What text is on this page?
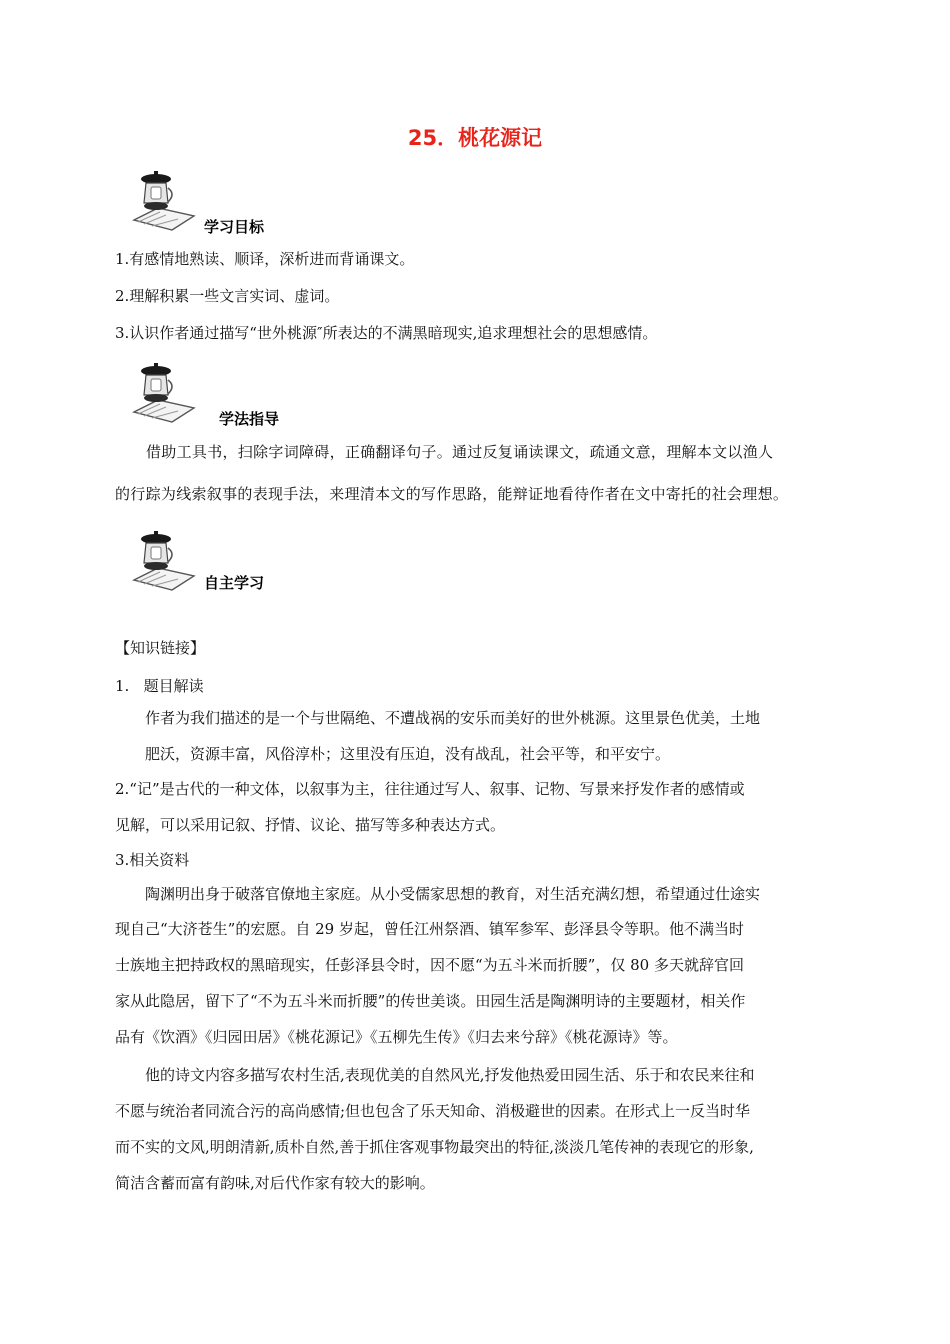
25．桃花源记
学习目标
1.有感情地熟读、顺译，深析进而背诵课文。
2.理解积累一些文言实词、虚词。
3.认识作者通过描写“世外桃源″所表达的不满黑暗现实,追求理想社会的思想感情。
学法指导
借助工具书，扫除字词障碍，正确翻译句子。通过反复诵读课文，疏通文意，理解本文以渔人
的行踪为线索叙事的表现手法，来理清本文的写作思路，能辩证地看待作者在文中寄托的社会理想。
自主学习
【知识链接】
1.   题目解读
作者为我们描述的是一个与世隔绝、不遭战祸的安乐而美好的世外桃源。这里景色优美，土地
肥沃，资源丰富，风俗淳朴；这里没有压迫，没有战乱，社会平等，和平安宁。
2.“记”是古代的一种文体，以叙事为主，往往通过写人、叙事、记物、写景来抒发作者的感情或
见解，可以采用记叙、抒情、议论、描写等多种表达方式。
3.相关资料
陶渊明出身于破落官僚地主家庭。从小受儒家思想的教育，对生活充满幻想，希望通过仕途实
现自己“大济苍生”的宏愿。自 29 岁起，曾任江州祭酒、镇军参军、彭泽县令等职。他不满当时
士族地主把持政权的黑暗现实，任彭泽县令时，因不愿“为五斗米而折腰”，仅 80 多天就辞官回
家从此隐居，留下了“不为五斗米而折腰”的传世美谈。田园生活是陶渊明诗的主要题材，相关作
品有《饮酒》《归园田居》《桃花源记》《五柳先生传》《归去来兮辞》《桃花源诗》等。
他的诗文内容多描写农村生活,表现优美的自然风光,抒发他热爱田园生活、乐于和农民来往和
不愿与统治者同流合污的高尚感情;但也包含了乐天知命、消极避世的因素。在形式上一反当时华
而不实的文风,明朗清新,质朴自然,善于抓住客观事物最突出的特征,淡淡几笔传神的表现它的形象,
简洁含蓄而富有韵味,对后代作家有较大的影响。
